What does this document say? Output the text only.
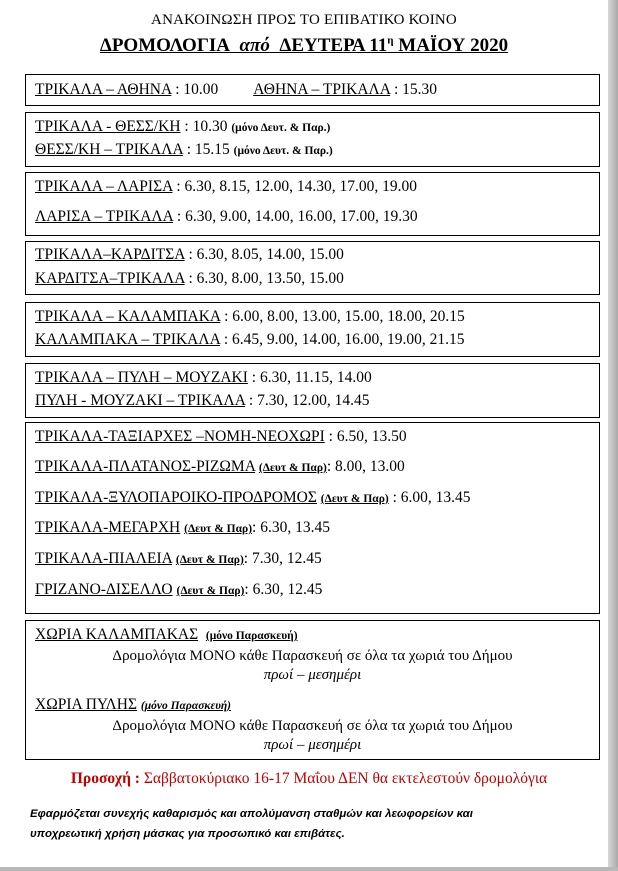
ΑΝΑΚΟΙΝΩΣΗ ΠΡΟΣ ΤΟ ΕΠΙΒΑΤΙΚΟ ΚΟΙΝΟ
ΔΡΟΜΟΛΟΓΙΑ από ΔΕΥΤΕΡΑ $11^\eta$ ΜΑΪΟΥ 2020
ΤΡΙΚΑΛΑ – ΑΘΗΝΑ : 10.00 ΑΘΗΝΑ – ΤΡΙΚΑΛΑ : 15.30
ΤΡΙΚΑΛΑ - ΘΕΣΣ/ΚΗ : 10.30 (μόνο Δευτ. & Παρ.)
ΘΕΣΣ/ΚΗ – ΤΡΙΚΑΛΑ : 15.15 (μόνο Δευτ. & Παρ.)
ΤΡΙΚΑΛΑ – ΛΑΡΙΣΑ : 6.30, 8.15, 12.00, 14.30, 17.00, 19.00
ΛΑΡΙΣΑ – ΤΡΙΚΑΛΑ : 6.30, 9.00, 14.00, 16.00, 17.00, 19.30
ΤΡΙΚΑΛΑ–ΚΑΡΔΙΤΣΑ : 6.30, 8.05, 14.00, 15.00
ΚΑΡΔΙΤΣΑ–ΤΡΙΚΑΛΑ : 6.30, 8.00, 13.50, 15.00
ΤΡΙΚΑΛΑ – ΚΑΛΑΜΠΑΚΑ : 6.00, 8.00, 13.00, 15.00, 18.00, 20.15
ΚΑΛΑΜΠΑΚΑ – ΤΡΙΚΑΛΑ : 6.45, 9.00, 14.00, 16.00, 19.00, 21.15
ΤΡΙΚΑΛΑ – ΠΥΛΗ – ΜΟΥΖΑΚΙ : 6.30, 11.15, 14.00
ΠΥΛΗ - ΜΟΥΖΑΚΙ – ΤΡΙΚΑΛΑ : 7.30, 12.00, 14.45
ΤΡΙΚΑΛΑ-ΤΑΞΙΑΡΧΕΣ –ΝΟΜΗ-ΝΕΟΧΩΡΙ : 6.50, 13.50
ΤΡΙΚΑΛΑ-ΠΛΑΤΑΝΟΣ-ΡΙΖΩΜΑ (Δευτ & Παρ): 8.00, 13.00
ΤΡΙΚΑΛΑ-ΞΥΛΟΠΑΡΟΙΚΟ-ΠΡΟΔΡΟΜΟΣ (Δευτ & Παρ) : 6.00, 13.45
ΤΡΙΚΑΛΑ-ΜΕΓΑΡΧΗ (Δευτ & Παρ): 6.30, 13.45
ΤΡΙΚΑΛΑ-ΠΙΑΛΕΙΑ (Δευτ & Παρ): 7.30, 12.45
ΓΡΙΖΑΝΟ-ΔΙΣΕΛΛΟ (Δευτ & Παρ): 6.30, 12.45
ΧΩΡΙΑ ΚΑΛΑΜΠΑΚΑΣ (μόνο Παρασκευή)
Δρομολόγια ΜΟΝΟ κάθε Παρασκευή σε όλα τα χωριά του Δήμου
πρωί – μεσημέρι
ΧΩΡΙΑ ΠΥΛΗΣ (μόνο Παρασκευή)
Δρομολόγια ΜΟΝΟ κάθε Παρασκευή σε όλα τα χωριά του Δήμου
πρωί – μεσημέρι
Προσοχή : Σαββατοκύριακο 16-17 Μαΐου ΔΕΝ θα εκτελεστούν δρομολόγια
Εφαρμόζεται συνεχής καθαρισμός και απολύμανση σταθμών και λεωφορείων και
υποχρεωτική χρήση μάσκας για προσωπικό και επιβάτες.
